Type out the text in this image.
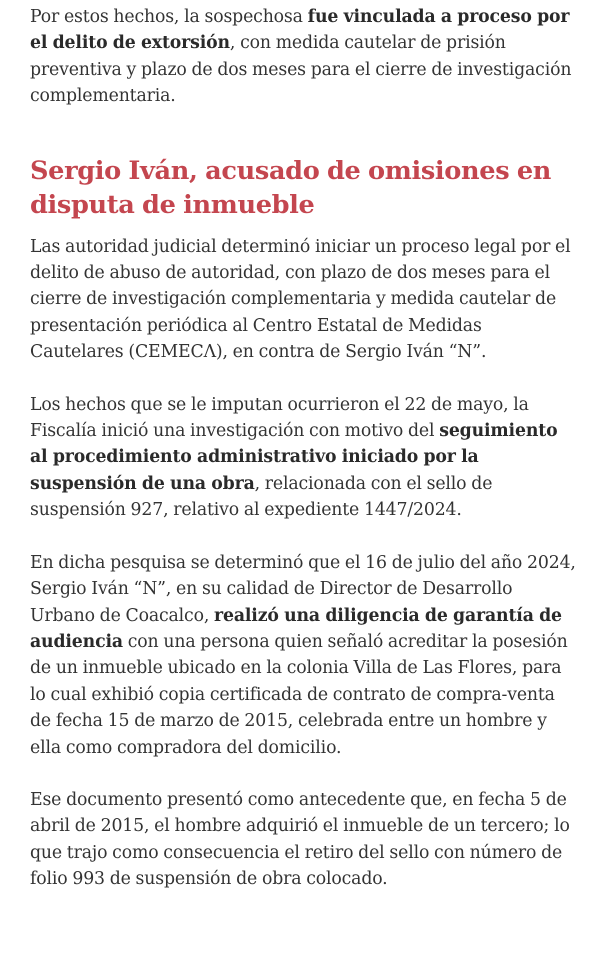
Por estos hechos, la sospechosa fue vinculada a proceso por el delito de extorsión, con medida cautelar de prisión preventiva y plazo de dos meses para el cierre de investigación complementaria.

Sergio Iván, acusado de omisiones en disputa de inmueble

Las autoridad judicial determinó iniciar un proceso legal por el delito de abuso de autoridad, con plazo de dos meses para el cierre de investigación complementaria y medida cautelar de presentación periódica al Centro Estatal de Medidas Cautelares (CEMECΛ), en contra de Sergio Iván “N”.

Los hechos que se le imputan ocurrieron el 22 de mayo, la Fiscalía inició una investigación con motivo del seguimiento al procedimiento administrativo iniciado por la suspensión de una obra, relacionada con el sello de suspensión 927, relativo al expediente 1447/2024.

En dicha pesquisa se determinó que el 16 de julio del año 2024, Sergio Iván “N”, en su calidad de Director de Desarrollo Urbano de Coacalco, realizó una diligencia de garantía de audiencia con una persona quien señaló acreditar la posesión de un inmueble ubicado en la colonia Villa de Las Flores, para lo cual exhibió copia certificada de contrato de compra-venta de fecha 15 de marzo de 2015, celebrada entre un hombre y ella como compradora del domicilio.

Ese documento presentó como antecedente que, en fecha 5 de abril de 2015, el hombre adquirió el inmueble de un tercero; lo que trajo como consecuencia el retiro del sello con número de folio 993 de suspensión de obra colocado.
